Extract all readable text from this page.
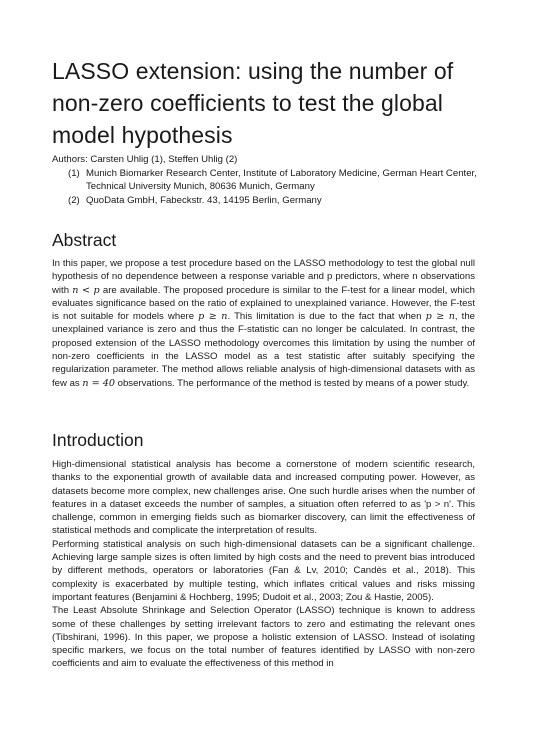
LASSO extension: using the number of non-zero coefficients to test the global model hypothesis
Authors: Carsten Uhlig (1), Steffen Uhlig (2)
(1) Munich Biomarker Research Center, Institute of Laboratory Medicine, German Heart Center, Technical University Munich, 80636 Munich, Germany
(2) QuoData GmbH, Fabeckstr. 43, 14195 Berlin, Germany
Abstract

In this paper, we propose a test procedure based on the LASSO methodology to test the global null hypothesis of no dependence between a response variable and p predictors, where n observations with n < p are available. The proposed procedure is similar to the F-test for a linear model, which evaluates significance based on the ratio of explained to unexplained variance. However, the F-test is not suitable for models where p ≥ n. This limitation is due to the fact that when p ≥ n, the unexplained variance is zero and thus the F-statistic can no longer be calculated. In contrast, the proposed extension of the LASSO methodology overcomes this limitation by using the number of non-zero coefficients in the LASSO model as a test statistic after suitably specifying the regularization parameter. The method allows reliable analysis of high-dimensional datasets with as few as n = 40 observations. The performance of the method is tested by means of a power study.

Introduction

High-dimensional statistical analysis has become a cornerstone of modern scientific research, thanks to the exponential growth of available data and increased computing power. However, as datasets become more complex, new challenges arise. One such hurdle arises when the number of features in a dataset exceeds the number of samples, a situation often referred to as 'p > n'. This challenge, common in emerging fields such as biomarker discovery, can limit the effectiveness of statistical methods and complicate the interpretation of results.

Performing statistical analysis on such high-dimensional datasets can be a significant challenge. Achieving large sample sizes is often limited by high costs and the need to prevent bias introduced by different methods, operators or laboratories (Fan & Lv, 2010; Candès et al., 2018). This complexity is exacerbated by multiple testing, which inflates critical values and risks missing important features (Benjamini & Hochberg, 1995; Dudoit et al., 2003; Zou & Hastie, 2005).

The Least Absolute Shrinkage and Selection Operator (LASSO) technique is known to address some of these challenges by setting irrelevant factors to zero and estimating the relevant ones (Tibshirani, 1996). In this paper, we propose a holistic extension of LASSO. Instead of isolating specific markers, we focus on the total number of features identified by LASSO with non-zero coefficients and aim to evaluate the effectiveness of this method in
